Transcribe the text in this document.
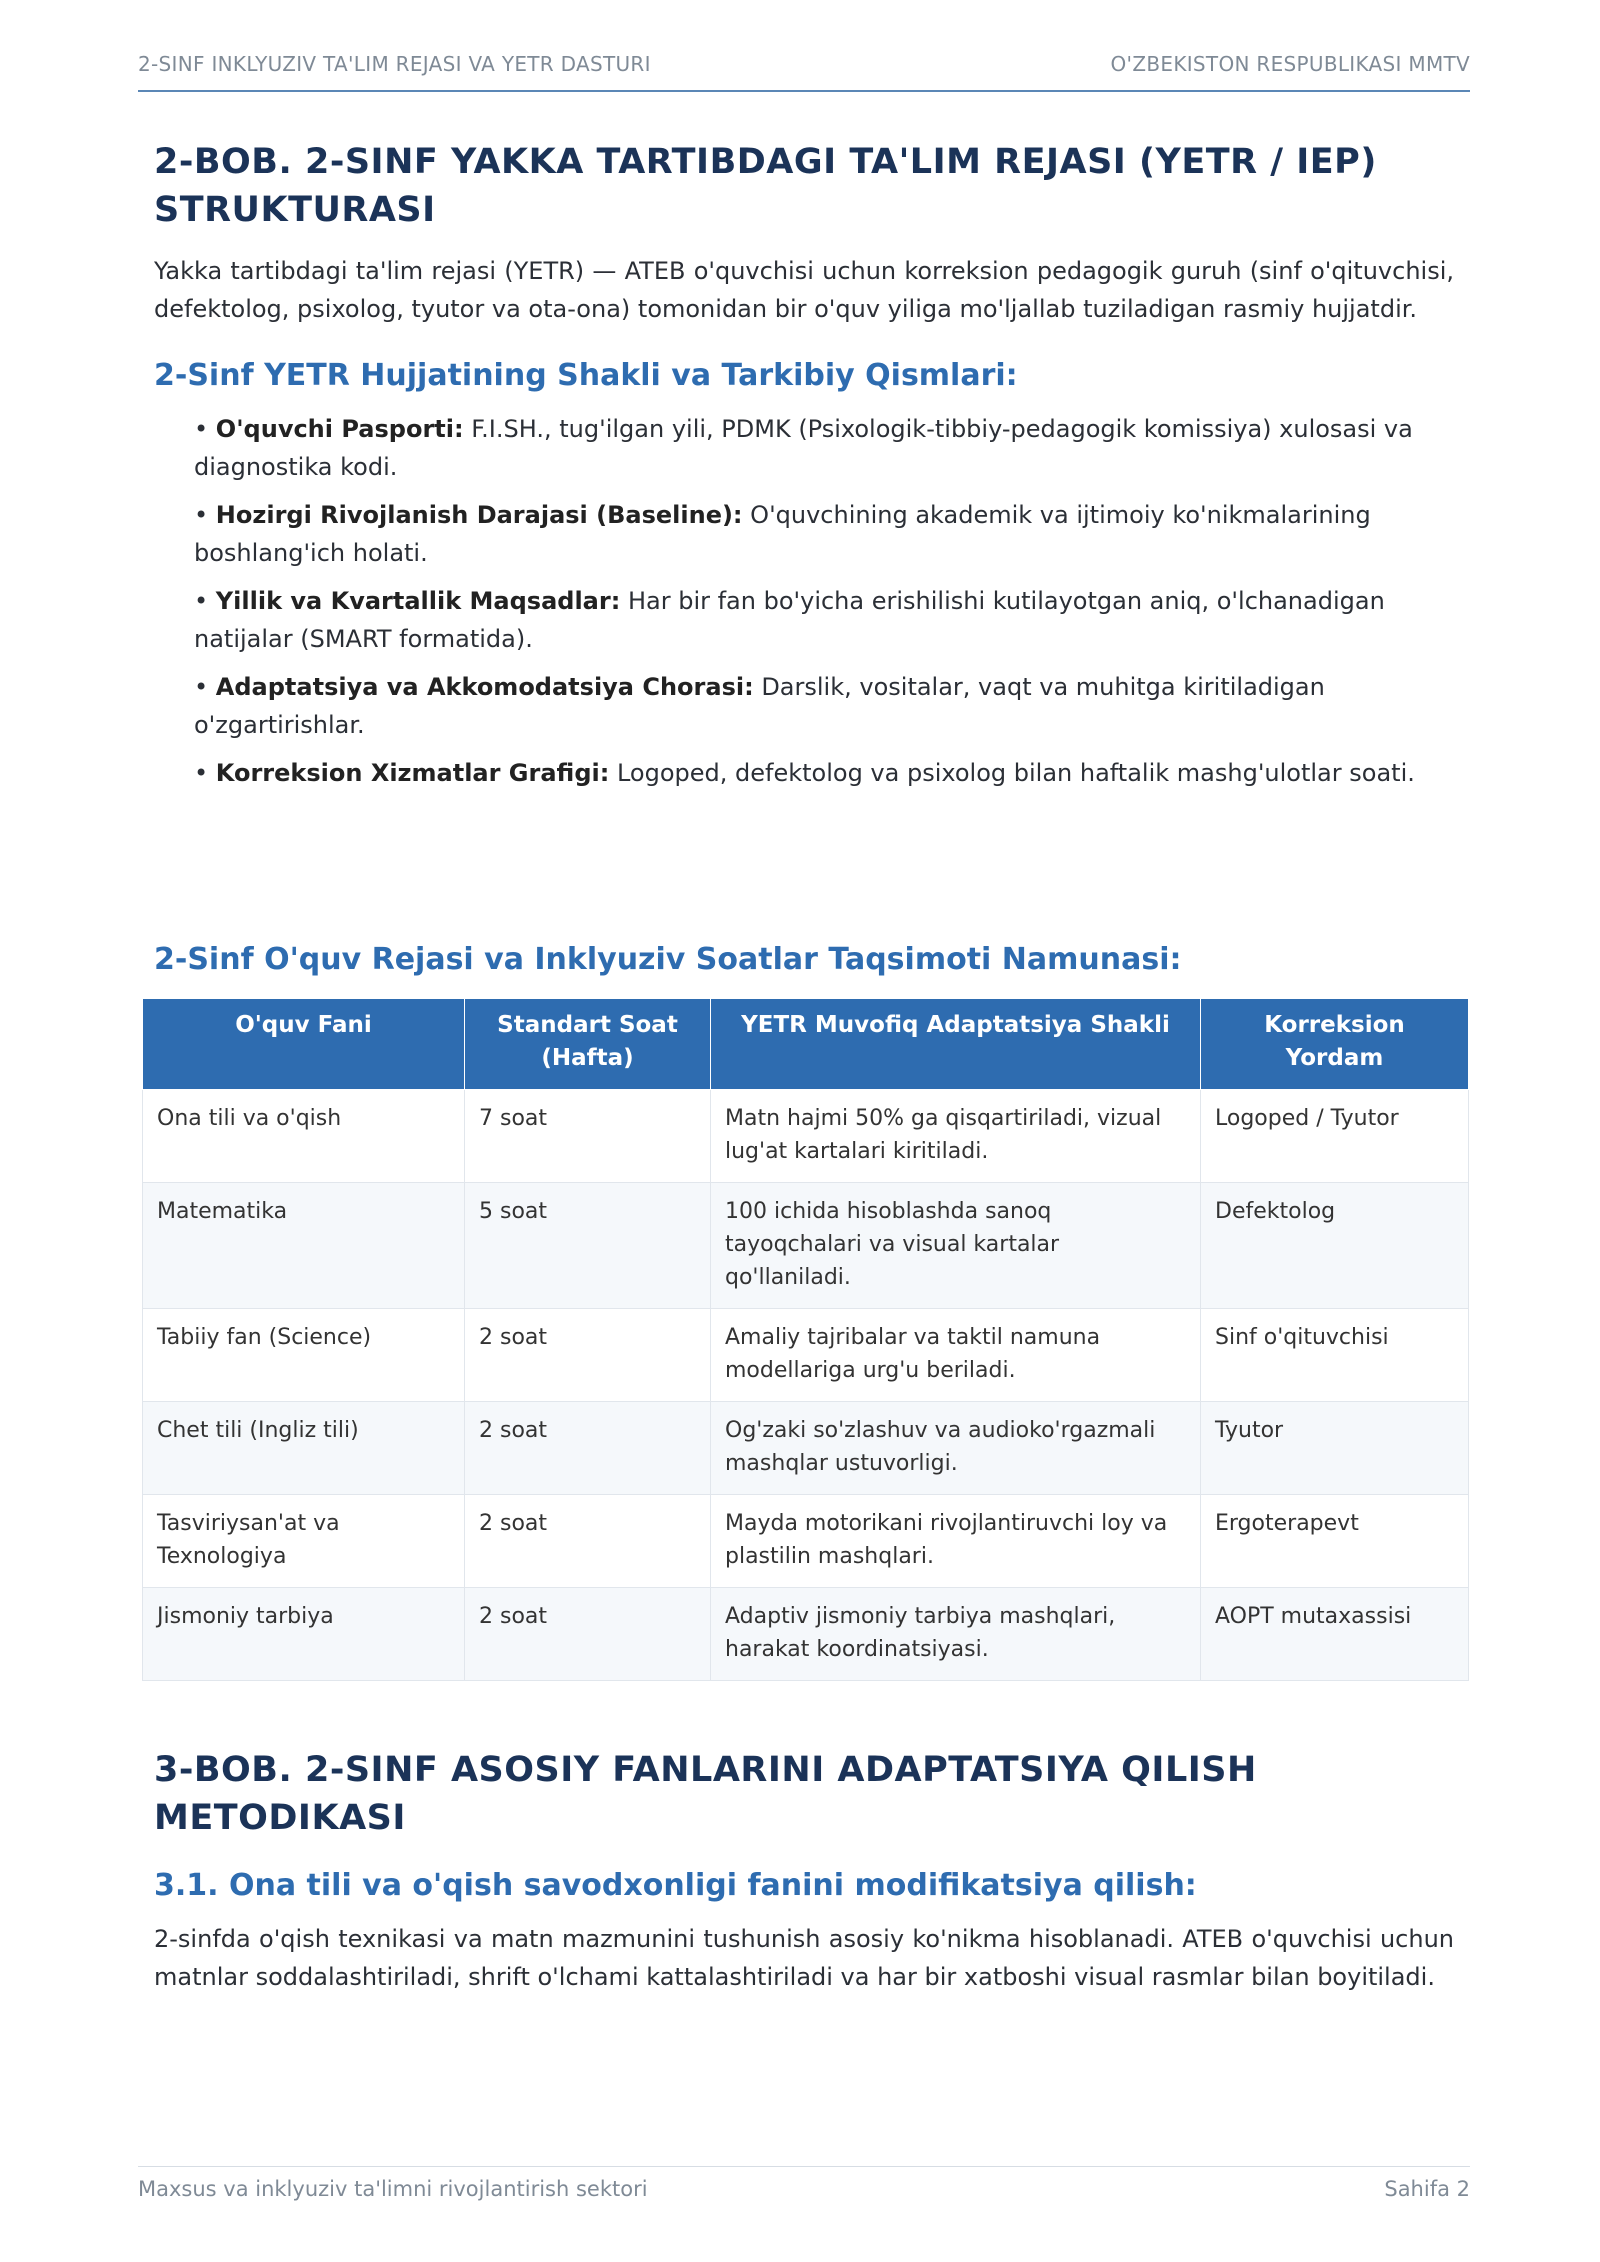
2-SINF INKLYUZIV TA'LIM REJASI VA YETR DASTURI	O'ZBEKISTON RESPUBLIKASI MMTV
2-BOB. 2-SINF YAKKA TARTIBDAGI TA'LIM REJASI (YETR / IEP)
STRUKTURASI

Yakka tartibdagi ta'lim rejasi (YETR) — ATEB o'quvchisi uchun korreksion pedagogik guruh (sinf o'qituvchisi, defektolog, psixolog, tyutor va ota-ona) tomonidan bir o'quv yiliga mo'ljallab tuziladigan rasmiy hujjatdir.

2-Sinf YETR Hujjatining Shakli va Tarkibiy Qismlari:
• O'quvchi Pasporti: F.I.SH., tug'ilgan yili, PDMK (Psixologik-tibbiy-pedagogik komissiya) xulosasi va diagnostika kodi.
• Hozirgi Rivojlanish Darajasi (Baseline): O'quvchining akademik va ijtimoiy ko'nikmalarining boshlang'ich holati.
• Yillik va Kvartallik Maqsadlar: Har bir fan bo'yicha erishilishi kutilayotgan aniq, o'lchanadigan natijalar (SMART formatida).
• Adaptatsiya va Akkomodatsiya Chorasi: Darslik, vositalar, vaqt va muhitga kiritiladigan o'zgartirishlar.
• Korreksion Xizmatlar Grafigi: Logoped, defektolog va psixolog bilan haftalik mashg'ulotlar soati.
2-Sinf O'quv Rejasi va Inklyuziv Soatlar Taqsimoti Namunasi:
O'quv Fani	Standart Soat (Hafta)	YETR Muvofiq Adaptatsiya Shakli	Korreksion Yordam
Ona tili va o'qish	7 soat	Matn hajmi 50% ga qisqartiriladi, vizual lug'at kartalari kiritiladi.	Logoped / Tyutor
Matematika	5 soat	100 ichida hisoblashda sanoq tayoqchalari va visual kartalar qo'llaniladi.	Defektolog
Tabiiy fan (Science)	2 soat	Amaliy tajribalar va taktil namuna modellariga urg'u beriladi.	Sinf o'qituvchisi
Chet tili (Ingliz tili)	2 soat	Og'zaki so'zlashuv va audioko'rgazmali mashqlar ustuvorligi.	Tyutor
Tasviriysan'at va Texnologiya	2 soat	Mayda motorikani rivojlantiruvchi loy va plastilin mashqlari.	Ergoterapevt
Jismoniy tarbiya	2 soat	Adaptiv jismoniy tarbiya mashqlari, harakat koordinatsiyasi.	AOPT mutaxassisi
3-BOB. 2-SINF ASOSIY FANLARINI ADAPTATSIYA QILISH
METODIKASI
3.1. Ona tili va o'qish savodxonligi fanini modifikatsiya qilish:

2-sinfda o'qish texnikasi va matn mazmunini tushunish asosiy ko'nikma hisoblanadi. ATEB o'quvchisi uchun matnlar soddalashtiriladi, shrift o'lchami kattalashtiriladi va har bir xatboshi visual rasmlar bilan boyitiladi.

Maxsus va inklyuziv ta'limni rivojlantirish sektori	Sahifa 2
